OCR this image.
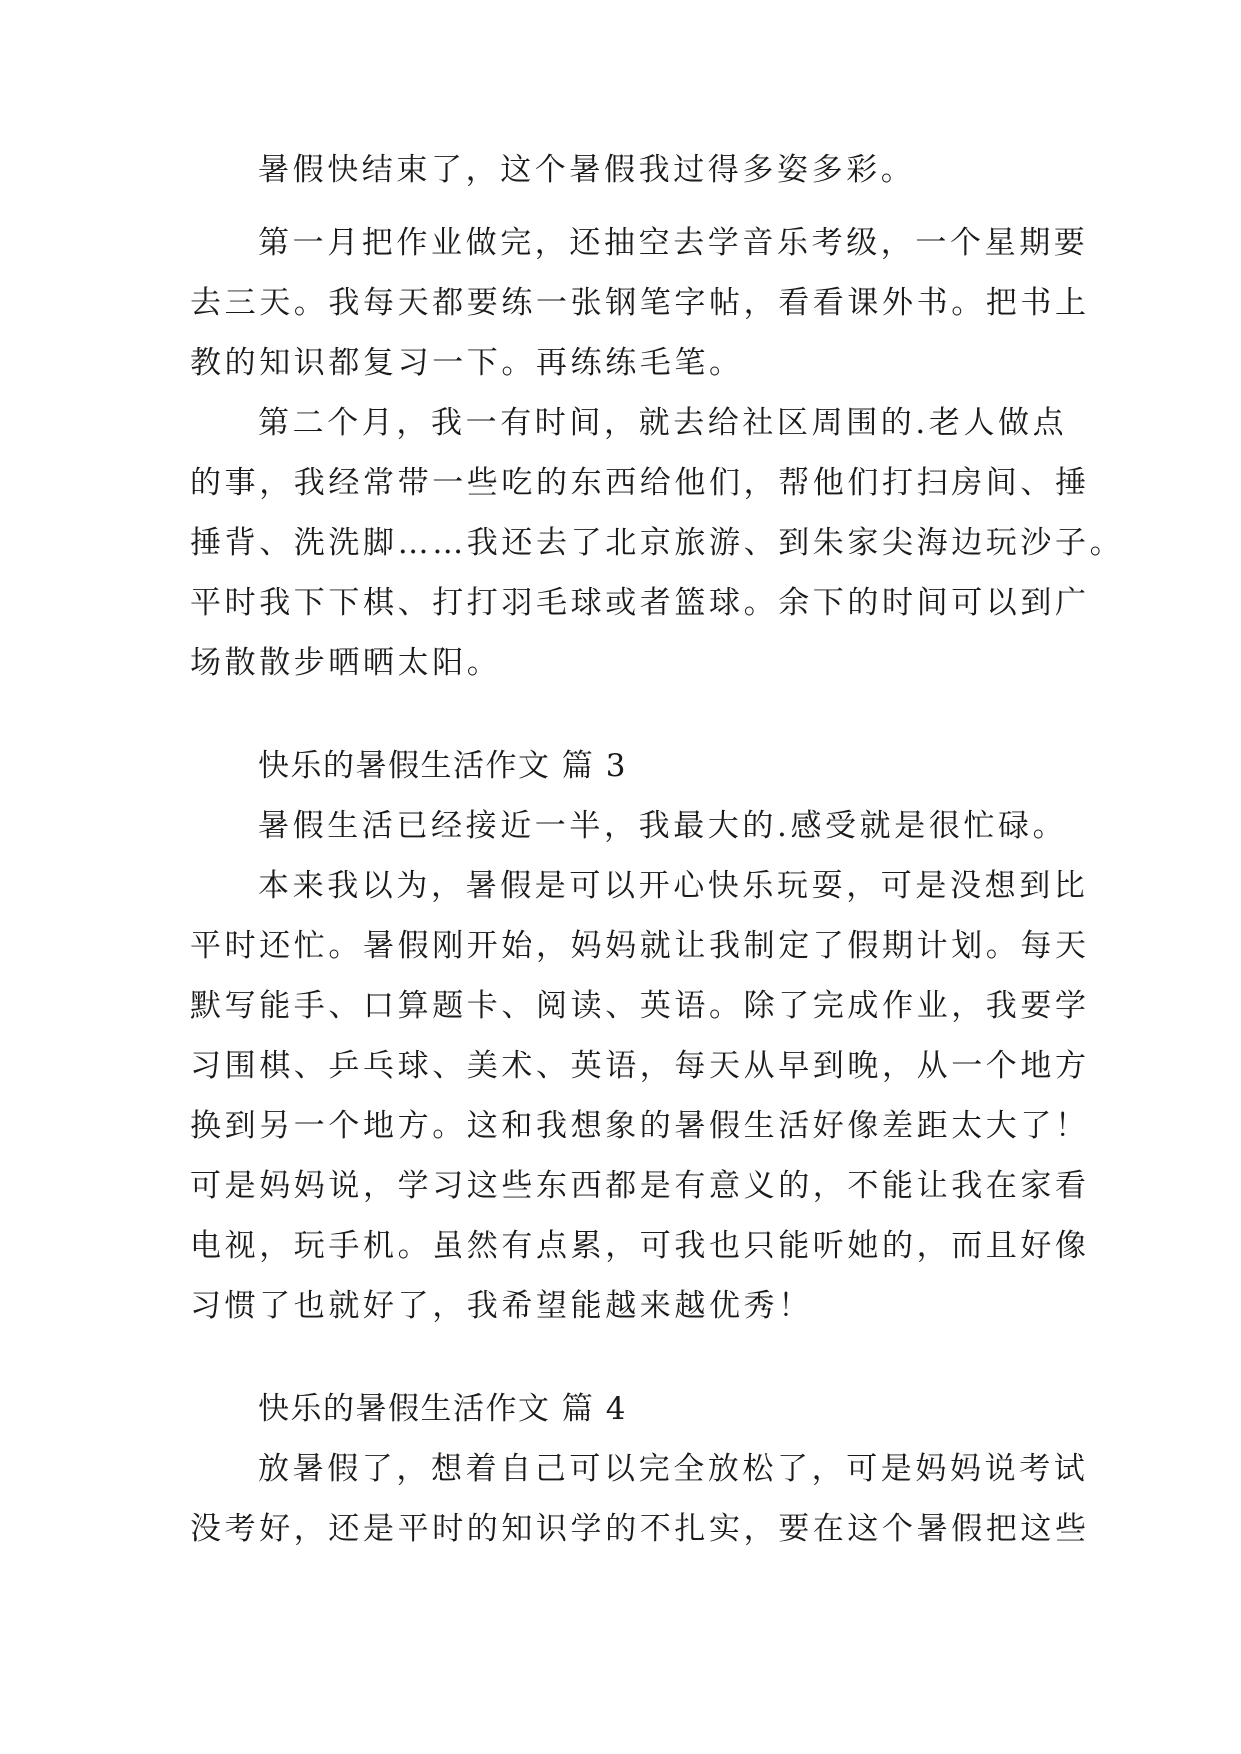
暑假快结束了，这个暑假我过得多姿多彩。
第一月把作业做完，还抽空去学音乐考级，一个星期要
去三天。我每天都要练一张钢笔字帖，看看课外书。把书上
教的知识都复习一下。再练练毛笔。
第二个月，我一有时间，就去给社区周围的.老人做点
的事，我经常带一些吃的东西给他们，帮他们打扫房间、捶
捶背、洗洗脚……我还去了北京旅游、到朱家尖海边玩沙子。
平时我下下棋、打打羽毛球或者篮球。余下的时间可以到广
场散散步晒晒太阳。
快乐的暑假生活作文 篇 3
暑假生活已经接近一半，我最大的.感受就是很忙碌。
本来我以为，暑假是可以开心快乐玩耍，可是没想到比
平时还忙。暑假刚开始，妈妈就让我制定了假期计划。每天
默写能手、口算题卡、阅读、英语。除了完成作业，我要学
习围棋、乒乓球、美术、英语，每天从早到晚，从一个地方
换到另一个地方。这和我想象的暑假生活好像差距太大了！
可是妈妈说，学习这些东西都是有意义的，不能让我在家看
电视，玩手机。虽然有点累，可我也只能听她的，而且好像
习惯了也就好了，我希望能越来越优秀！
快乐的暑假生活作文 篇 4
放暑假了，想着自己可以完全放松了，可是妈妈说考试
没考好，还是平时的知识学的不扎实，要在这个暑假把这些
